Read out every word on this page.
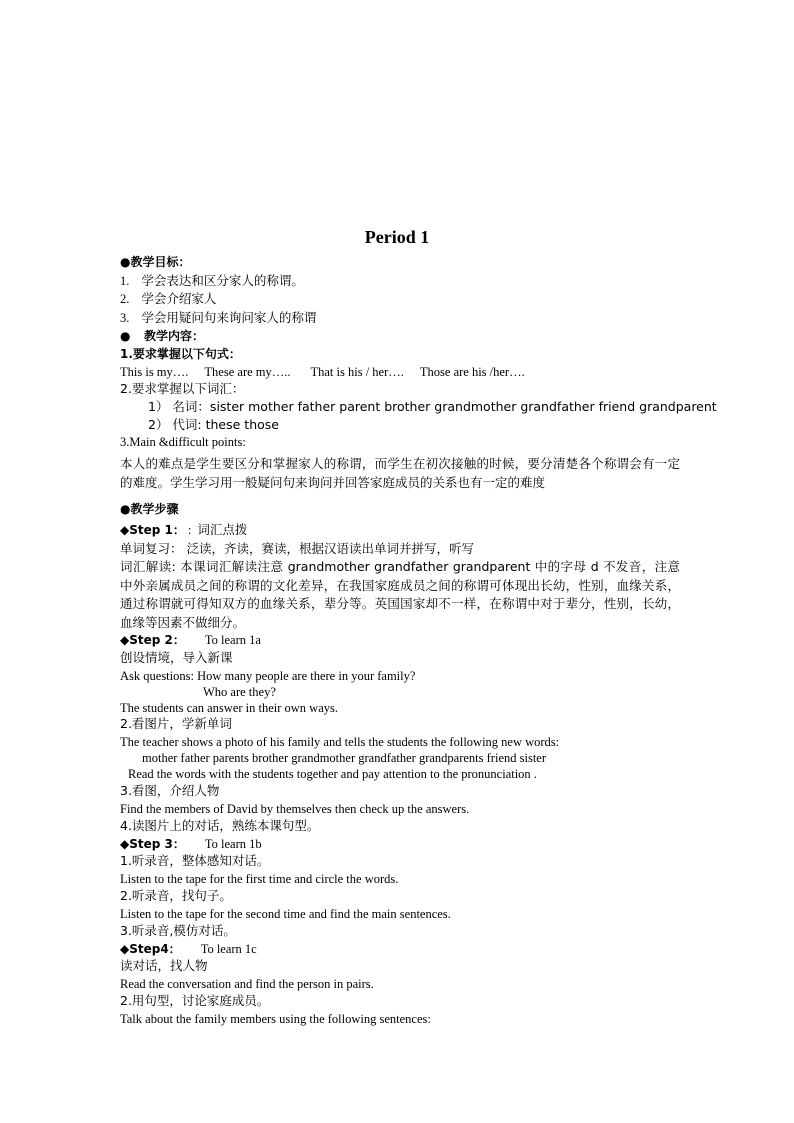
Period 1
●教学目标：
1. 学会表达和区分家人的称谓。
2. 学会介绍家人
3. 学会用疑问句来询问家人的称谓
● 教学内容：
1.要求掌握以下句式：
This is my…. These are my….. That is his / her…. Those are his /her….
2.要求掌握以下词汇：
1） 名词：sister mother father parent brother grandmother grandfather friend grandparent
2） 代词: these those
3.Main &difficult points:
本人的难点是学生要区分和掌握家人的称谓，而学生在初次接触的时候，要分清楚各个称谓会有一定的难度。学生学习用一般疑问句来询问并回答家庭成员的关系也有一定的难度
●教学步骤
◆Step 1： : 词汇点拨
单词复习： 泛读，齐读，赛读，根据汉语读出单词并拼写，听写
词汇解读: 本课词汇解读注意 grandmother grandfather grandparent 中的字母 d 不发音，注意中外亲属成员之间的称谓的文化差异，在我国家庭成员之间的称谓可体现出长幼，性别，血缘关系，通过称谓就可得知双方的血缘关系，辈分等。英国国家却不一样，在称谓中对于辈分，性别，长幼，血缘等因素不做细分。
◆Step 2： To learn 1a
创设情境，导入新课
Ask questions: How many people are there in your family?
Who are they?
The students can answer in their own ways.
2.看图片，学新单词
The teacher shows a photo of his family and tells the students the following new words:
mother father parents brother grandmother grandfather grandparents friend sister
Read the words with the students together and pay attention to the pronunciation .
3.看图，介绍人物
Find the members of David by themselves then check up the answers.
4.读图片上的对话，熟练本课句型。
◆Step 3： To learn 1b
1.听录音，整体感知对话。
Listen to the tape for the first time and circle the words.
2.听录音，找句子。
Listen to the tape for the second time and find the main sentences.
3.听录音,模仿对话。
◆Step4： To learn 1c
读对话，找人物
Read the conversation and find the person in pairs.
2.用句型，讨论家庭成员。
Talk about the family members using the following sentences:
